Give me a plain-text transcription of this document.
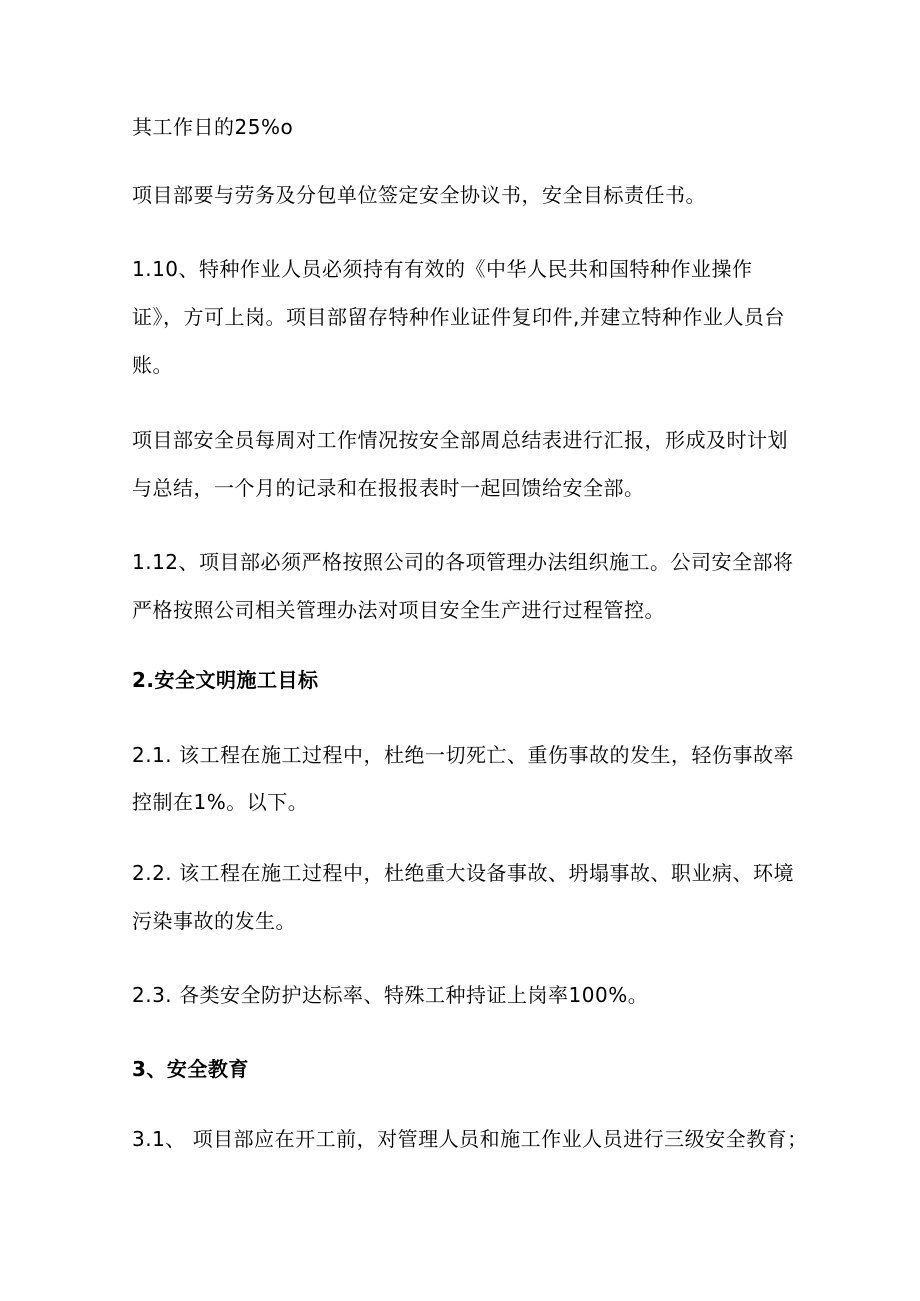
其工作日的25%o
项目部要与劳务及分包单位签定安全协议书，安全目标责任书。
1.10、特种作业人员必须持有有效的《中华人民共和国特种作业操作
证》，方可上岗。项目部留存特种作业证件复印件,并建立特种作业人员台
账。
项目部安全员每周对工作情况按安全部周总结表进行汇报，形成及时计划
与总结，一个月的记录和在报报表时一起回馈给安全部。
1.12、项目部必须严格按照公司的各项管理办法组织施工。公司安全部将
严格按照公司相关管理办法对项目安全生产进行过程管控。
2.安全文明施工目标
2.1. 该工程在施工过程中，杜绝一切死亡、重伤事故的发生，轻伤事故率
控制在1%。以下。
2.2. 该工程在施工过程中，杜绝重大设备事故、坍塌事故、职业病、环境
污染事故的发生。
2.3. 各类安全防护达标率、特殊工种持证上岗率100%。
3、安全教育
3.1、 项目部应在开工前，对管理人员和施工作业人员进行三级安全教育；
